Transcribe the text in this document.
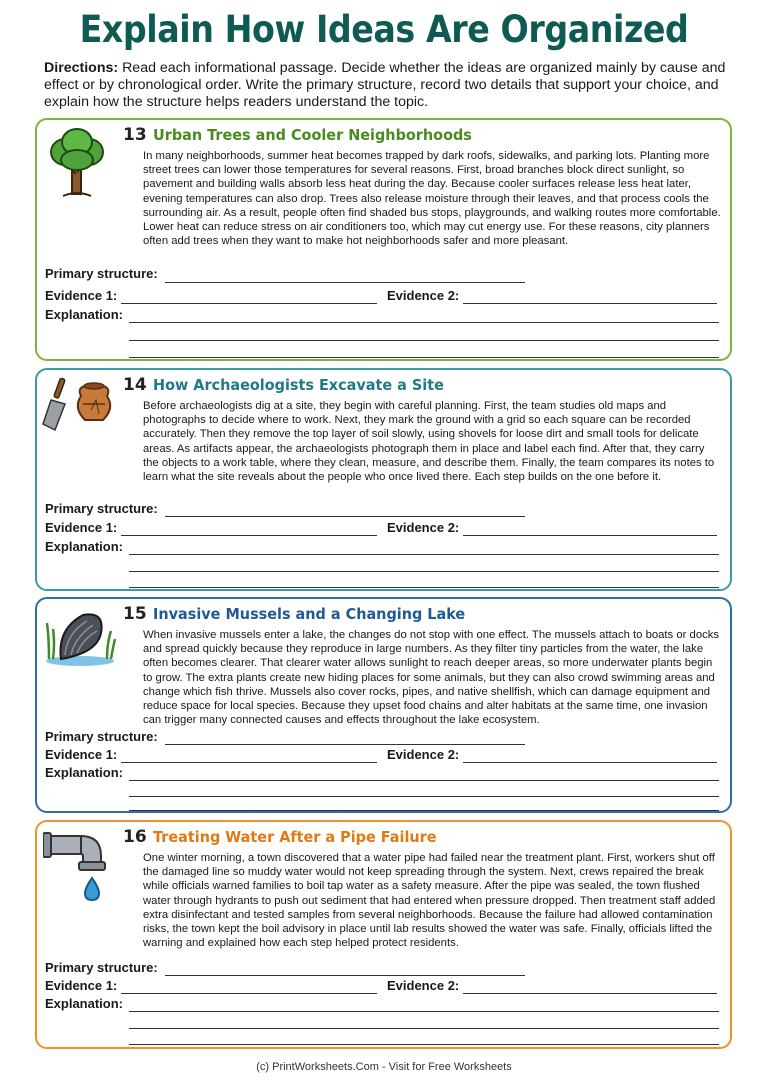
Explain How Ideas Are Organized
Directions: Read each informational passage. Decide whether the ideas are organized mainly by cause and effect or by chronological order. Write the primary structure, record two details that support your choice, and explain how the structure helps readers understand the topic.
13 Urban Trees and Cooler Neighborhoods
In many neighborhoods, summer heat becomes trapped by dark roofs, sidewalks, and parking lots. Planting more street trees can lower those temperatures for several reasons. First, broad branches block direct sunlight, so pavement and building walls absorb less heat during the day. Because cooler surfaces release less heat later, evening temperatures can also drop. Trees also release moisture through their leaves, and that process cools the surrounding air. As a result, people often find shaded bus stops, playgrounds, and walking routes more comfortable. Lower heat can reduce stress on air conditioners too, which may cut energy use. For these reasons, city planners often add trees when they want to make hot neighborhoods safer and more pleasant.
Primary structure:
Evidence 1:	Evidence 2:
Explanation:
14 How Archaeologists Excavate a Site
Before archaeologists dig at a site, they begin with careful planning. First, the team studies old maps and photographs to decide where to work. Next, they mark the ground with a grid so each square can be recorded accurately. Then they remove the top layer of soil slowly, using shovels for loose dirt and small tools for delicate areas. As artifacts appear, the archaeologists photograph them in place and label each find. After that, they carry the objects to a work table, where they clean, measure, and describe them. Finally, the team compares its notes to learn what the site reveals about the people who once lived there. Each step builds on the one before it.
Primary structure:
Evidence 1:	Evidence 2:
Explanation:
15 Invasive Mussels and a Changing Lake
When invasive mussels enter a lake, the changes do not stop with one effect. The mussels attach to boats or docks and spread quickly because they reproduce in large numbers. As they filter tiny particles from the water, the lake often becomes clearer. That clearer water allows sunlight to reach deeper areas, so more underwater plants begin to grow. The extra plants create new hiding places for some animals, but they can also crowd swimming areas and change which fish thrive. Mussels also cover rocks, pipes, and native shellfish, which can damage equipment and reduce space for local species. Because they upset food chains and alter habitats at the same time, one invasion can trigger many connected causes and effects throughout the lake ecosystem.
Primary structure:
Evidence 1:	Evidence 2:
Explanation:
16 Treating Water After a Pipe Failure
One winter morning, a town discovered that a water pipe had failed near the treatment plant. First, workers shut off the damaged line so muddy water would not keep spreading through the system. Next, crews repaired the break while officials warned families to boil tap water as a safety measure. After the pipe was sealed, the town flushed water through hydrants to push out sediment that had entered when pressure dropped. Then treatment staff added extra disinfectant and tested samples from several neighborhoods. Because the failure had allowed contamination risks, the town kept the boil advisory in place until lab results showed the water was safe. Finally, officials lifted the warning and explained how each step helped protect residents.
Primary structure:
Evidence 1:	Evidence 2:
Explanation:
(c) PrintWorksheets.Com - Visit for Free Worksheets
